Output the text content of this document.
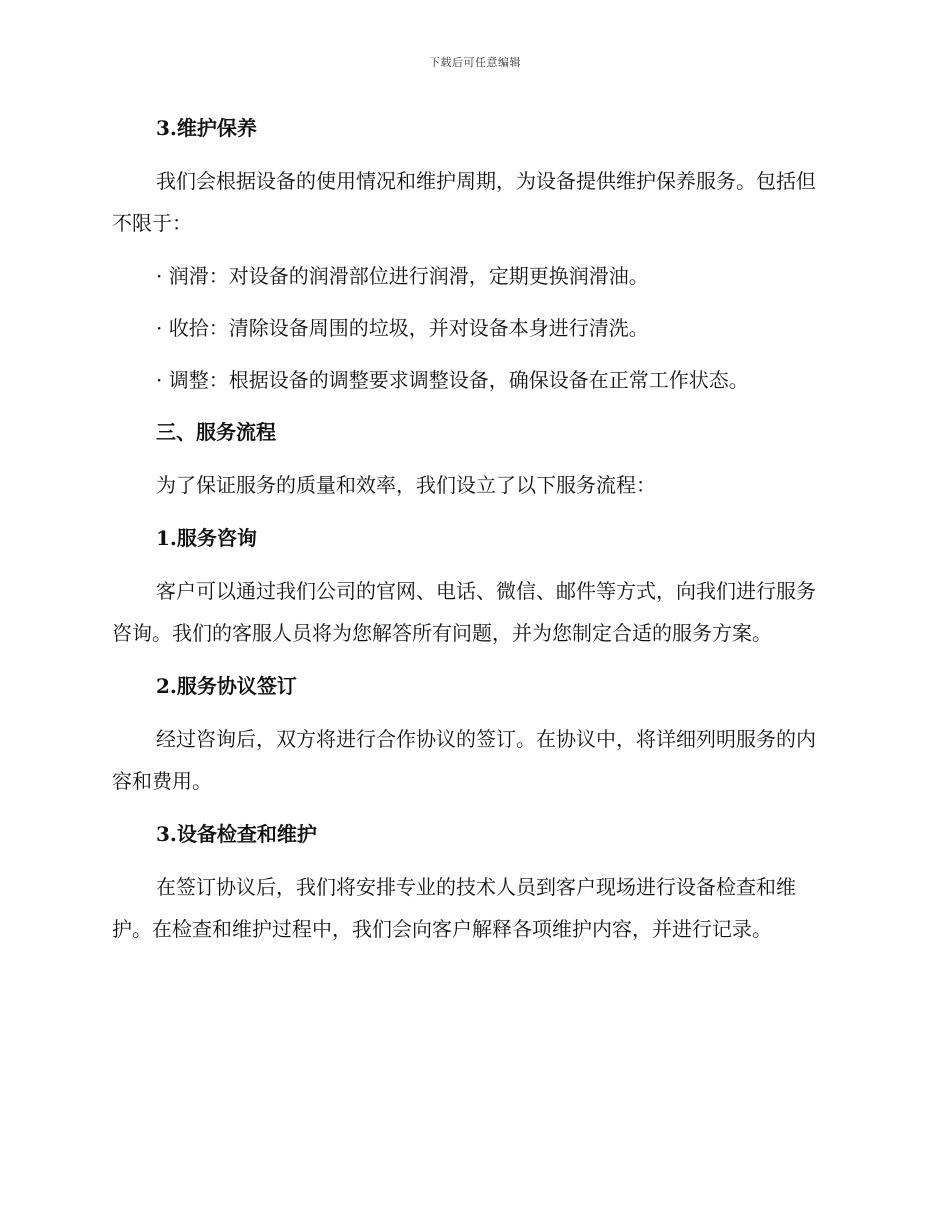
下载后可任意编辑
3.维护保养
我们会根据设备的使用情况和维护周期，为设备提供维护保养服务。包括但不限于：
· 润滑：对设备的润滑部位进行润滑，定期更换润滑油。
· 收拾：清除设备周围的垃圾，并对设备本身进行清洗。
· 调整：根据设备的调整要求调整设备，确保设备在正常工作状态。
三、服务流程
为了保证服务的质量和效率，我们设立了以下服务流程：
1.服务咨询
客户可以通过我们公司的官网、电话、微信、邮件等方式，向我们进行服务咨询。我们的客服人员将为您解答所有问题，并为您制定合适的服务方案。
2.服务协议签订
经过咨询后，双方将进行合作协议的签订。在协议中，将详细列明服务的内容和费用。
3.设备检查和维护
在签订协议后，我们将安排专业的技术人员到客户现场进行设备检查和维护。在检查和维护过程中，我们会向客户解释各项维护内容，并进行记录。
